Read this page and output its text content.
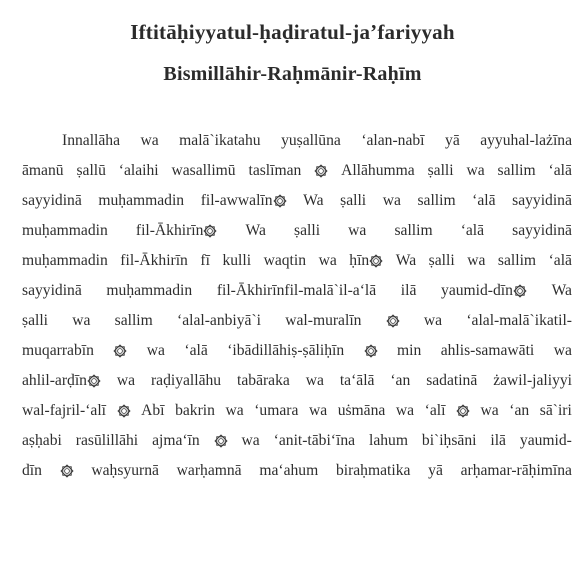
Iftitāḥiyyatul-ḥaḍiratul-ja’fariyyah
Bismillāhir-Raḥmānir-Raḥīm
Innallāha wa malā`ikatahu yuṣallūna ‘alan-nabī yā ayyuhal-lażīna
āmanū ṣallū ‘alaihi wasallimū taslīman	Allāhumma ṣalli wa sallim ‘alā
sayyidinā muḥammadin fil-awwalīn	Wa ṣalli wa sallim ‘alā sayyidinā
muḥammadin fil-Ākhirīn	Wa ṣalli wa sallim ‘alā sayyidinā
muḥammadin fil-Ākhirīn fī kulli waqtin wa ḥīn	Wa ṣalli wa sallim ‘alā
sayyidinā muḥammadin fil-Ākhirīnfil-malā`il-a‘lā ilā yaumid-dīn	Wa
ṣalli wa sallim ‘alal-anbiyā`i wal-muralīn	wa ‘alal-malā`ikatil-
muqarrabīn	wa ‘alā ‘ibādillāhiṣ-ṣāliḥīn	min ahlis-samawāti wa
ahlil-arḍīn	wa raḍiyallāhu tabāraka wa ta‘ālā ‘an sadatinā żawil-jaliyyi
wal-fajril-‘alī Abī bakrin wa ‘umara wa uṡmāna wa ‘alī wa ‘an sā`iri
aṣḥabi rasūlillāhi ajma‘īn	wa ‘anit-tābi‘īna lahum bi`iḥsāni ilā yaumid-
dīn	waḥsyurnā warḥamnā ma‘ahum biraḥmatika yā arḥamar-rāḥimīna
